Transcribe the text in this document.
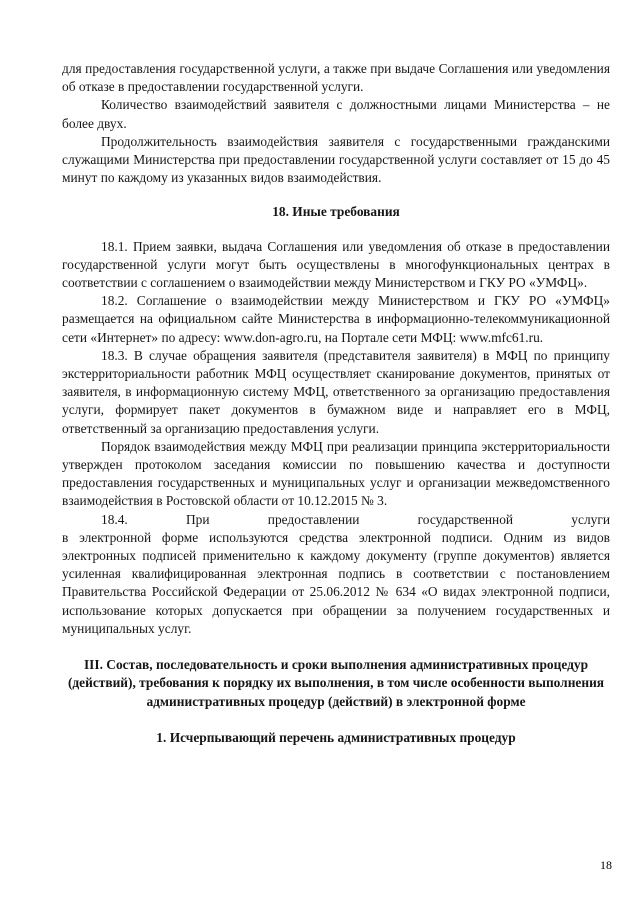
для предоставления государственной услуги, а также при выдаче Соглашения или уведомления об отказе в предоставлении государственной услуги.

Количество взаимодействий заявителя с должностными лицами Министерства – не более двух.

Продолжительность взаимодействия заявителя с государственными гражданскими служащими Министерства при предоставлении государственной услуги составляет от 15 до 45 минут по каждому из указанных видов взаимодействия.

18. Иные требования

18.1. Прием заявки, выдача Соглашения или уведомления об отказе в предоставлении государственной услуги могут быть осуществлены в многофункциональных центрах в соответствии с соглашением о взаимодействии между Министерством и ГКУ РО «УМФЦ».

18.2. Соглашение о взаимодействии между Министерством и ГКУ РО «УМФЦ» размещается на официальном сайте Министерства в информационно-телекоммуникационной сети «Интернет» по адресу: www.don-agro.ru, на Портале сети МФЦ: www.mfc61.ru.

18.3. В случае обращения заявителя (представителя заявителя) в МФЦ по принципу экстерриториальности работник МФЦ осуществляет сканирование документов, принятых от заявителя, в информационную систему МФЦ, ответственного за организацию предоставления услуги, формирует пакет документов в бумажном виде и направляет его в МФЦ, ответственный за организацию предоставления услуги.

Порядок взаимодействия между МФЦ при реализации принципа экстерриториальности утвержден протоколом заседания комиссии по повышению качества и доступности предоставления государственных и муниципальных услуг и организации межведомственного взаимодействия в Ростовской области от 10.12.2015 № 3.

18.4. При предоставлении государственной услуги

в электронной форме используются средства электронной подписи. Одним из видов электронных подписей применительно к каждому документу (группе документов) является усиленная квалифицированная электронная подпись в соответствии с постановлением Правительства Российской Федерации от 25.06.2012 № 634 «О видах электронной подписи, использование которых допускается при обращении за получением государственных и муниципальных услуг.

III. Состав, последовательность и сроки выполнения административных процедур (действий), требования к порядку их выполнения, в том числе особенности выполнения административных процедур (действий) в электронной форме

1. Исчерпывающий перечень административных процедур

18
